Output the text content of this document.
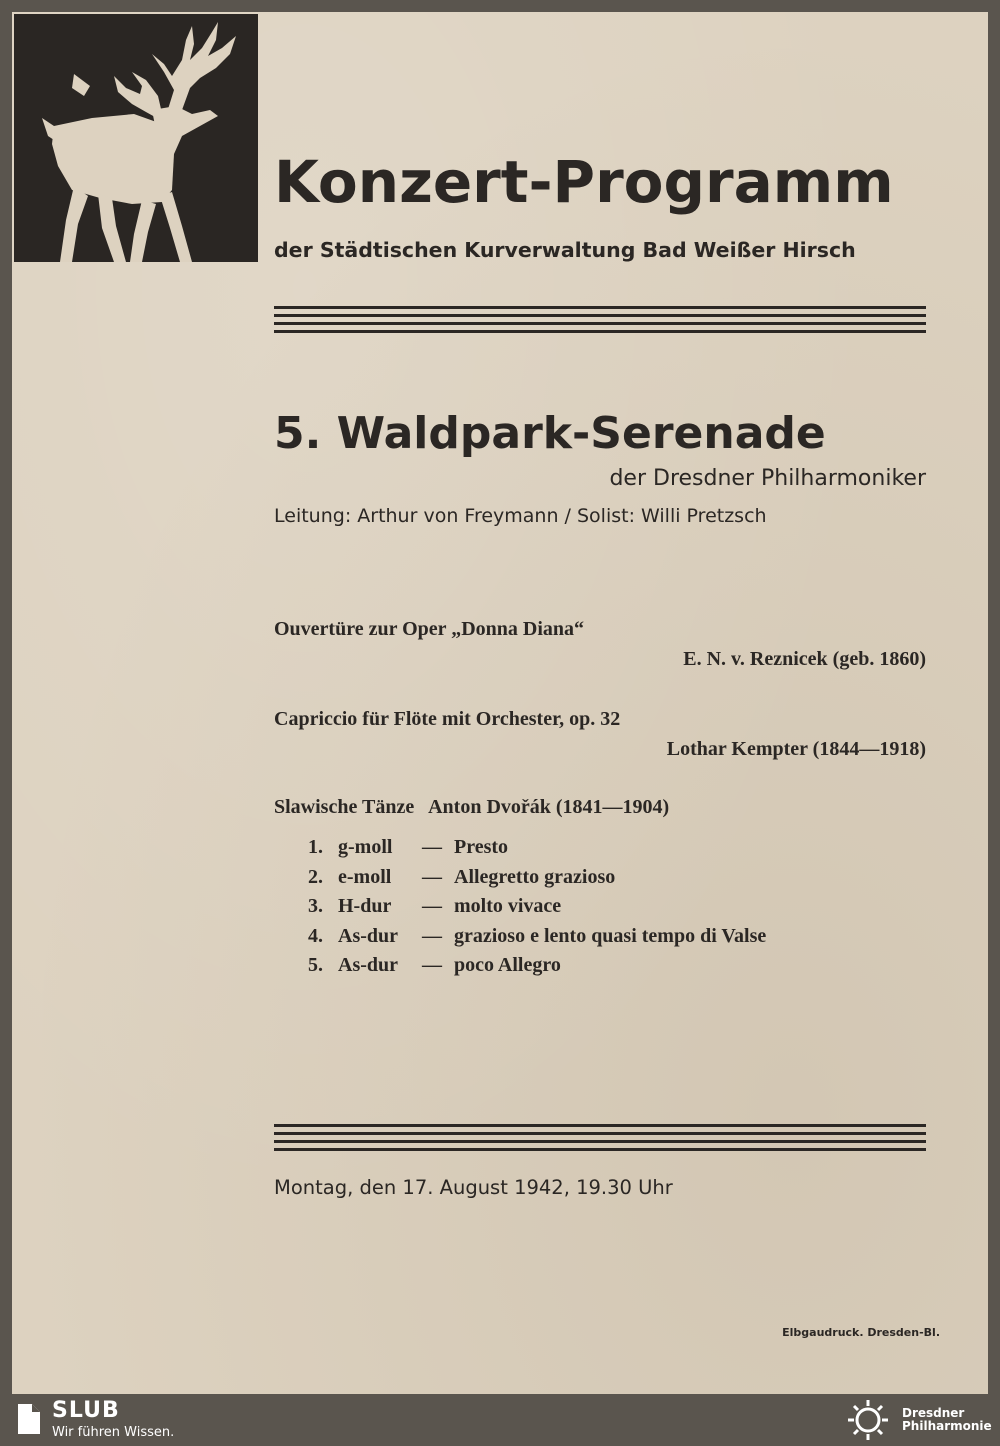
Konzert-Programm
der Städtischen Kurverwaltung Bad Weißer Hirsch
5. Waldpark-Serenade
der Dresdner Philharmoniker
Leitung: Arthur von Freymann / Solist: Willi Pretzsch
Ouvertüre zur Oper „Donna Diana“
E. N. v. Reznicek (geb. 1860)
Capriccio für Flöte mit Orchester, op. 32
Lothar Kempter (1844—1918)
Slawische Tänze   Anton Dvořák (1841—1904)
1. g-moll — Presto
2. e-moll — Allegretto grazioso
3. H-dur — molto vivace
4. As-dur — grazioso e lento quasi tempo di Valse
5. As-dur — poco Allegro
Montag, den 17. August 1942, 19.30 Uhr
Elbgaudruck. Dresden-Bl.
SLUB
Wir führen Wissen.
Dresdner
Philharmonie
